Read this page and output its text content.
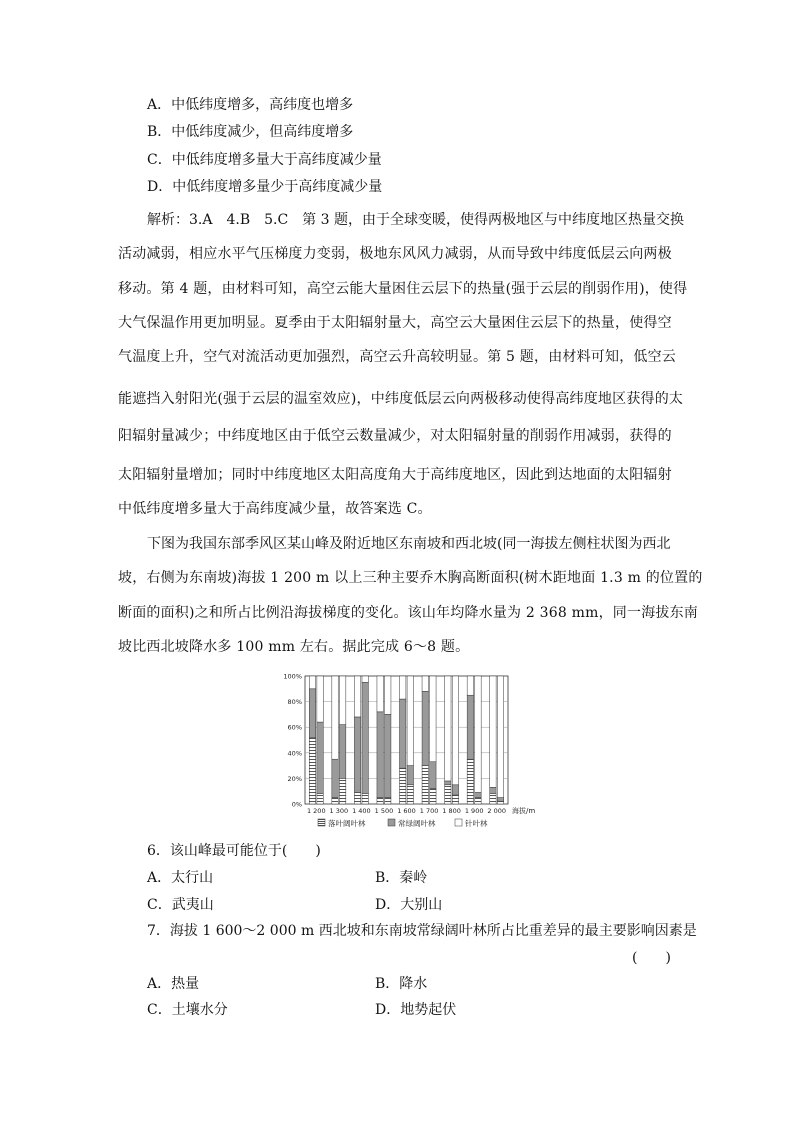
A．中低纬度增多，高纬度也增多
B．中低纬度减少，但高纬度增多
C．中低纬度增多量大于高纬度减少量
D．中低纬度增多量少于高纬度减少量
解析：3.A　4.B　5.C　第 3 题，由于全球变暖，使得两极地区与中纬度地区热量交换
活动减弱，相应水平气压梯度力变弱，极地东风风力减弱，从而导致中纬度低层云向两极
移动。第 4 题，由材料可知，高空云能大量困住云层下的热量(强于云层的削弱作用)，使得
大气保温作用更加明显。夏季由于太阳辐射量大，高空云大量困住云层下的热量，使得空
气温度上升，空气对流活动更加强烈，高空云升高较明显。第 5 题，由材料可知，低空云
能遮挡入射阳光(强于云层的温室效应)，中纬度低层云向两极移动使得高纬度地区获得的太
阳辐射量减少；中纬度地区由于低空云数量减少，对太阳辐射量的削弱作用减弱，获得的
太阳辐射量增加；同时中纬度地区太阳高度角大于高纬度地区，因此到达地面的太阳辐射
中低纬度增多量大于高纬度减少量，故答案选 C。
下图为我国东部季风区某山峰及附近地区东南坡和西北坡(同一海拔左侧柱状图为西北
坡，右侧为东南坡)海拔 1 200 m 以上三种主要乔木胸高断面积(树木距地面 1.3 m 的位置的
断面的面积)之和所占比例沿海拔梯度的变化。该山年均降水量为 2 368 mm，同一海拔东南
坡比西北坡降水多 100 mm 左右。据此完成 6～8 题。
0%
20%
40%
60%
80%
100%
1 200 1 300 1 400 1 500 1 600 1 700 1 800 1 900 2 000 海拔/m
落叶阔叶林	常绿阔叶林	针叶林
6．该山峰最可能位于(　　)
A．太行山	B．秦岭
C．武夷山	D．大别山
7．海拔 1 600～2 000 m 西北坡和东南坡常绿阔叶林所占比重差异的最主要影响因素是
(　　)
A．热量	B．降水
C．土壤水分	D．地势起伏
